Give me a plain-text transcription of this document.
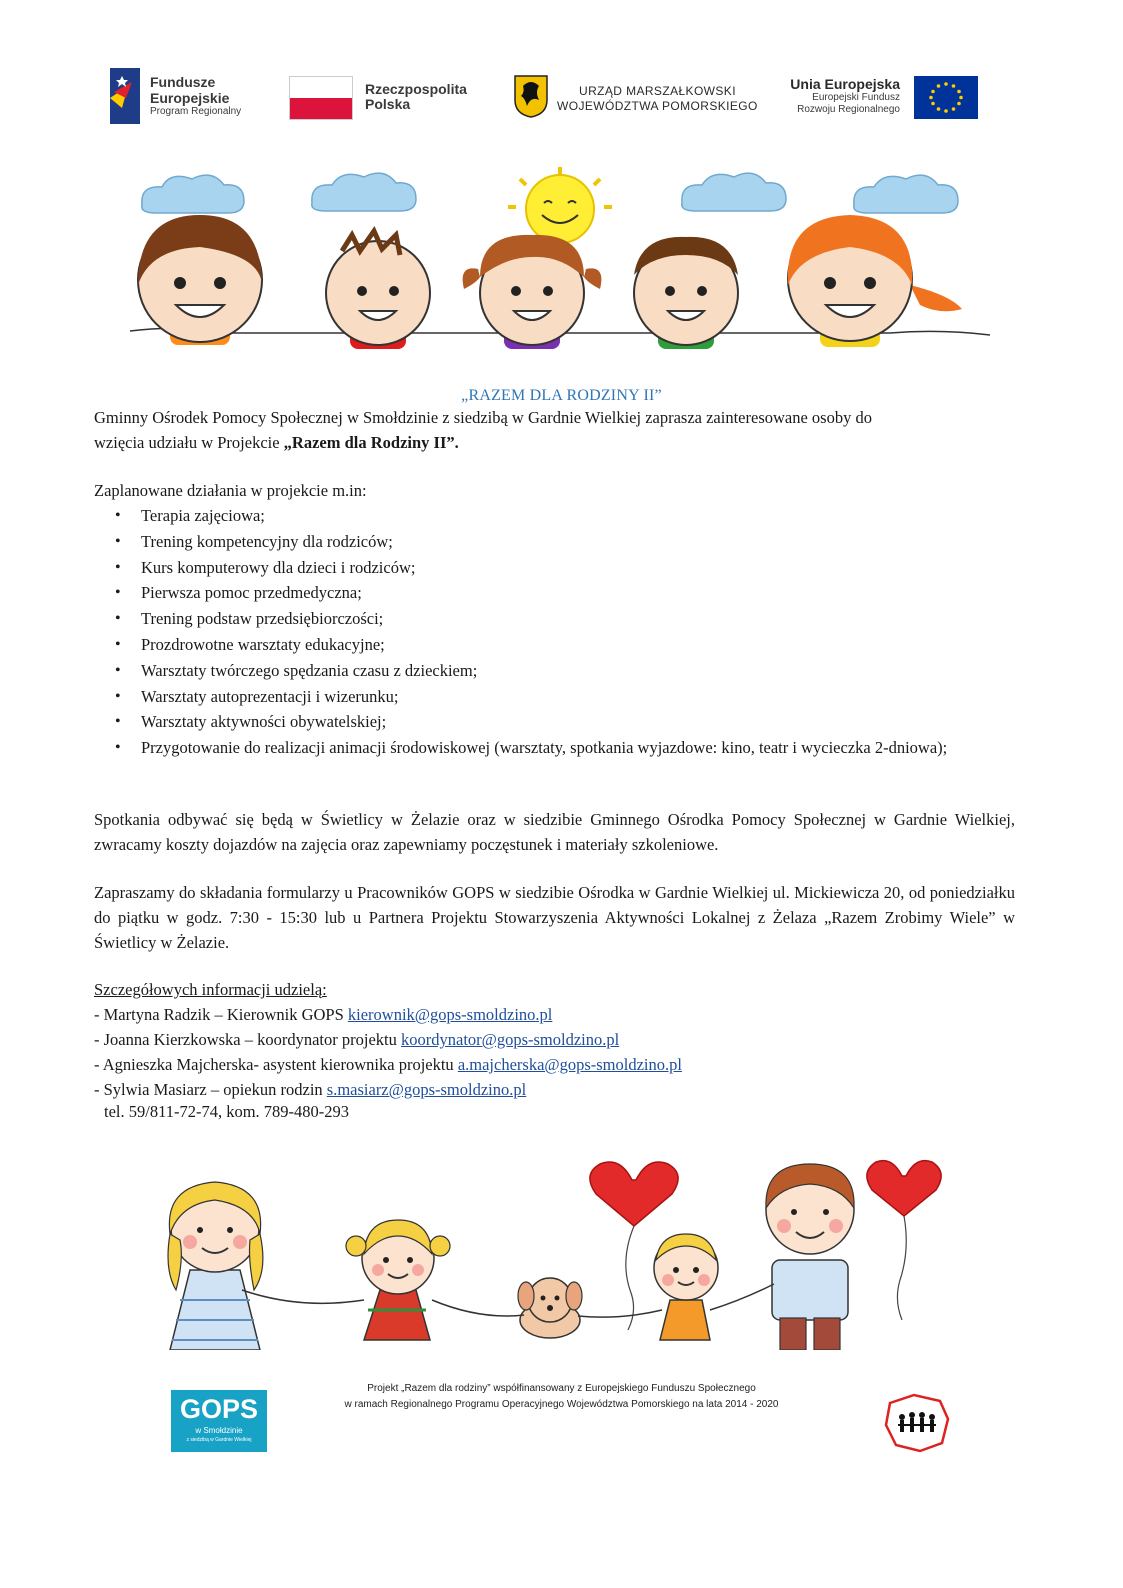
Fundusze
Europejskie
Program Regionalny
Rzeczpospolita
Polska
URZĄD MARSZAŁKOWSKI
WOJEWÓDZTWA POMORSKIEGO
Unia Europejska
Europejski Fundusz
Rozwoju Regionalnego
„RAZEM DLA RODZINY II”
Gminny Ośrodek Pomocy Społecznej w Smołdzinie z siedzibą w Gardnie Wielkiej zaprasza zainteresowane osoby do
wzięcia udziału w Projekcie „Razem dla Rodziny II”.
Zaplanowane działania w projekcie m.in:
• Terapia zajęciowa;
• Trening kompetencyjny dla rodziców;
• Kurs komputerowy dla dzieci i rodziców;
• Pierwsza pomoc przedmedyczna;
• Trening podstaw przedsiębiorczości;
• Prozdrowotne warsztaty edukacyjne;
• Warsztaty twórczego spędzania czasu z dzieckiem;
• Warsztaty autoprezentacji i wizerunku;
• Warsztaty aktywności obywatelskiej;
• Przygotowanie do realizacji animacji środowiskowej (warsztaty, spotkania wyjazdowe: kino, teatr i wycieczka 2-dniowa);
Spotkania odbywać się będą w Świetlicy w Żelazie oraz w siedzibie Gminnego Ośrodka Pomocy Społecznej w Gardnie Wielkiej, zwracamy koszty dojazdów na zajęcia oraz zapewniamy poczęstunek i materiały szkoleniowe.
Zapraszamy do składania formularzy u Pracowników GOPS w siedzibie Ośrodka w Gardnie Wielkiej ul. Mickiewicza 20, od poniedziałku do piątku w godz. 7:30 - 15:30 lub u Partnera Projektu Stowarzyszenia Aktywności Lokalnej z Żelaza „Razem Zrobimy Wiele” w Świetlicy w Żelazie.
Szczegółowych informacji udzielą:
- Martyna Radzik – Kierownik GOPS kierownik@gops-smoldzino.pl
- Joanna Kierzkowska – koordynator projektu koordynator@gops-smoldzino.pl
- Agnieszka Majcherska- asystent kierownika projektu a.majcherska@gops-smoldzino.pl
- Sylwia Masiarz – opiekun rodzin s.masiarz@gops-smoldzino.pl
tel. 59/811-72-74, kom. 789-480-293
GOPS
w Smołdzinie
z siedzibą w Gardnie Wielkiej
Projekt „Razem dla rodziny” współfinansowany z Europejskiego Funduszu Społecznego
w ramach Regionalnego Programu Operacyjnego Województwa Pomorskiego na lata 2014 - 2020
